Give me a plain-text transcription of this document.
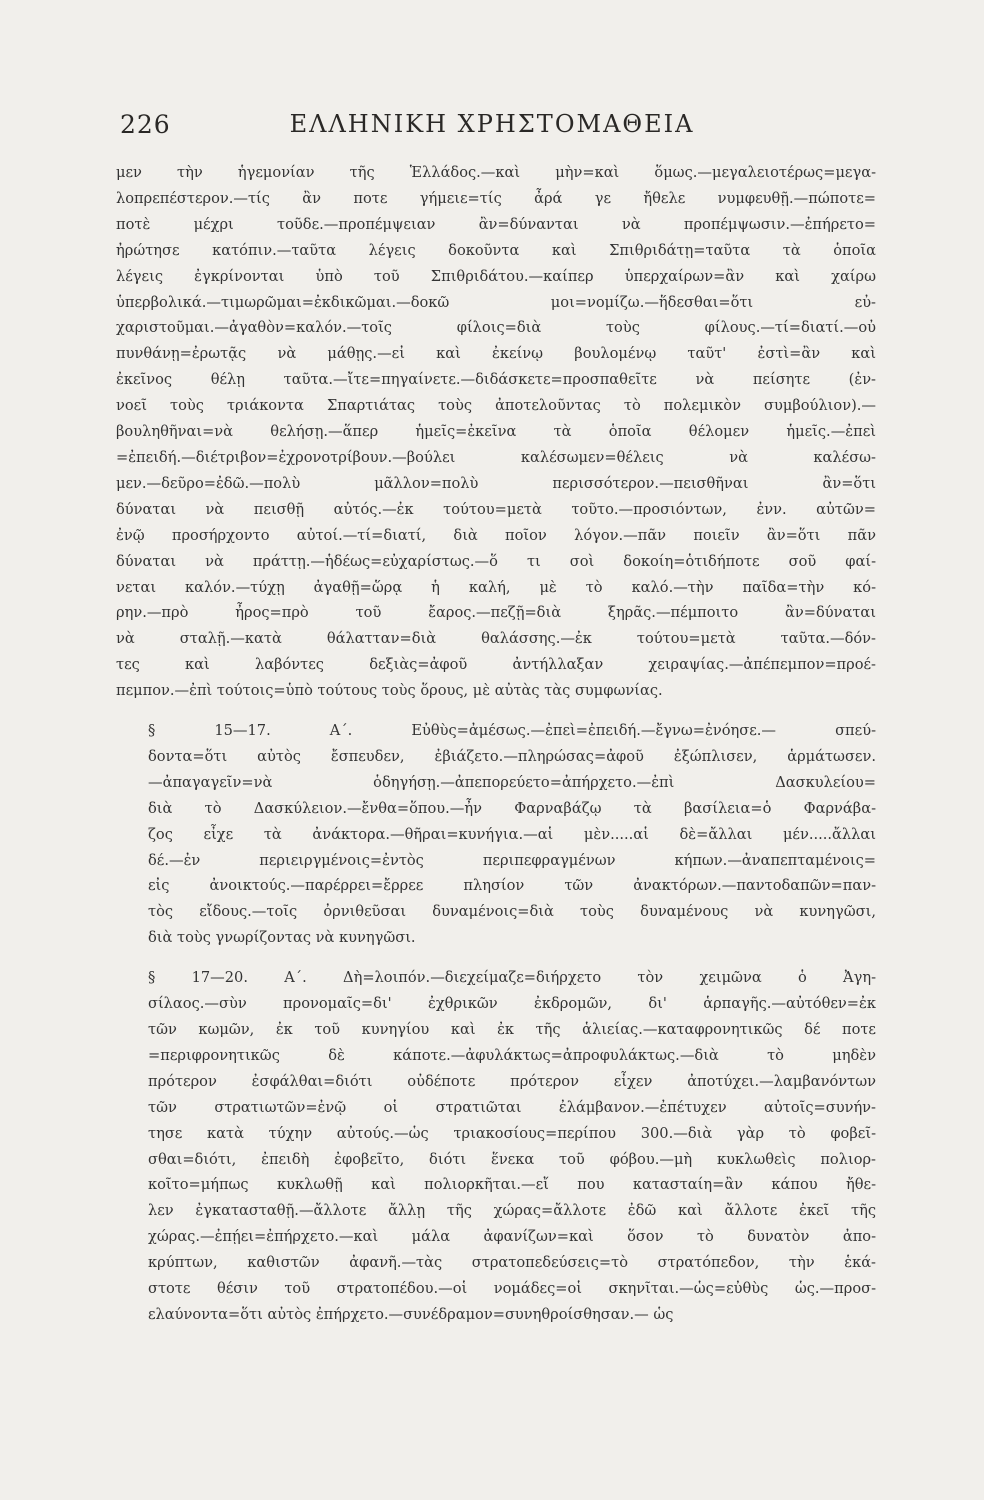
226	ΕΛΛΗΝΙΚΗ ΧΡΗΣΤΟΜΑΘΕΙΑ
μεν τὴν ἡγεμονίαν τῆς Ἑλλάδος.—καὶ μὴν=καὶ ὅμως.—μεγαλειοτέρως=μεγα-
λοπρεπέστερον.—τίς ἂν ποτε γήμειε=τίς ἆρά γε ἤθελε νυμφευθῇ.—πώποτε=
ποτὲ μέχρι τοῦδε.—προπέμψειαν ἂν=δύνανται νὰ προπέμψωσιν.—ἐπήρετο=
ἠρώτησε κατόπιν.—ταῦτα λέγεις δοκοῦντα καὶ Σπιθριδάτῃ=ταῦτα τὰ ὁποῖα
λέγεις ἐγκρίνονται ὑπὸ τοῦ Σπιθριδάτου.—καίπερ ὑπερχαίρων=ἂν καὶ χαίρω
ὑπερβολικά.—τιμωρῶμαι=ἐκδικῶμαι.—δοκῶ μοι=νομίζω.—ἥδεσθαι=ὅτι εὐ-
χαριστοῦμαι.—ἀγαθὸν=καλόν.—τοῖς φίλοις=διὰ τοὺς φίλους.—τί=διατί.—οὐ
πυνθάνῃ=ἐρωτᾷς νὰ μάθῃς.—εἰ καὶ ἐκείνῳ βουλομένῳ ταῦτ' ἐστὶ=ἂν καὶ
ἐκεῖνος θέλῃ ταῦτα.—ἴτε=πηγαίνετε.—διδάσκετε=προσπαθεῖτε νὰ πείσητε (ἐν-
νοεῖ τοὺς τριάκοντα Σπαρτιάτας τοὺς ἀποτελοῦντας τὸ πολεμικὸν συμβούλιον).—
βουληθῆναι=νὰ θελήσῃ.—ἅπερ ἡμεῖς=ἐκεῖνα τὰ ὁποῖα θέλομεν ἡμεῖς.—ἐπεὶ
=ἐπειδή.—διέτριβον=ἐχρονοτρίβουν.—βούλει καλέσωμεν=θέλεις νὰ καλέσω-
μεν.—δεῦρο=ἐδῶ.—πολὺ μᾶλλον=πολὺ περισσότερον.—πεισθῆναι ἂν=ὅτι
δύναται νὰ πεισθῇ αὐτός.—ἐκ τούτου=μετὰ τοῦτο.—προσιόντων, ἐνν. αὐτῶν=
ἐνῷ προσήρχοντο αὐτοί.—τί=διατί, διὰ ποῖον λόγον.—πᾶν ποιεῖν ἂν=ὅτι πᾶν
δύναται νὰ πράττῃ.—ἡδέως=εὐχαρίστως.—ὅ τι σοὶ δοκοίη=ὁτιδήποτε σοῦ φαί-
νεται καλόν.—τύχῃ ἀγαθῇ=ὥρᾳ ἡ καλή, μὲ τὸ καλό.—τὴν παῖδα=τὴν κό-
ρην.—πρὸ ἦρος=πρὸ τοῦ ἔαρος.—πεζῇ=διὰ ξηρᾶς.—πέμποιτο ἂν=δύναται
νὰ σταλῇ.—κατὰ θάλατταν=διὰ θαλάσσης.—ἐκ τούτου=μετὰ ταῦτα.—δόν-
τες καὶ λαβόντες δεξιὰς=ἀφοῦ ἀντήλλαξαν χειραψίας.—ἀπέπεμπον=προέ-
πεμπον.—ἐπὶ τούτοις=ὑπὸ τούτους τοὺς ὅρους, μὲ αὐτὰς τὰς συμφωνίας.
§ 15—17. Α΄. Εὐθὺς=ἀμέσως.—ἐπεὶ=ἐπειδή.—ἔγνω=ἐνόησε.— σπεύ-
δοντα=ὅτι αὐτὸς ἔσπευδεν, ἐβιάζετο.—πληρώσας=ἀφοῦ ἐξώπλισεν, ἁρμάτωσεν.
—ἀπαγαγεῖν=νὰ ὁδηγήσῃ.—ἀπεπορεύετο=ἀπήρχετο.—ἐπὶ Δασκυλείου=
διὰ τὸ Δασκύλειον.—ἔνθα=ὅπου.—ἦν Φαρναβάζῳ τὰ βασίλεια=ὁ Φαρνάβα-
ζος εἶχε τὰ ἀνάκτορα.—θῆραι=κυνήγια.—αἱ μὲν.....αἱ δὲ=ἄλλαι μέν.....ἄλλαι
δέ.—ἐν περιειργμένοις=ἐντὸς περιπεφραγμένων κήπων.—ἀναπεπταμένοις=
εἰς ἀνοικτούς.—παρέρρει=ἔρρεε πλησίον τῶν ἀνακτόρων.—παντοδαπῶν=παν-
τὸς εἴδους.—τοῖς ὀρνιθεῦσαι δυναμένοις=διὰ τοὺς δυναμένους νὰ κυνηγῶσι,
διὰ τοὺς γνωρίζοντας νὰ κυνηγῶσι.
§ 17—20. Α΄. Δὴ=λοιπόν.—διεχείμαζε=διήρχετο τὸν χειμῶνα ὁ Ἀγη-
σίλαος.—σὺν προνομαῖς=δι' ἐχθρικῶν ἐκδρομῶν, δι' ἁρπαγῆς.—αὐτόθεν=ἐκ
τῶν κωμῶν, ἐκ τοῦ κυνηγίου καὶ ἐκ τῆς ἁλιείας.—καταφρονητικῶς δέ ποτε
=περιφρονητικῶς δὲ κάποτε.—ἀφυλάκτως=ἀπροφυλάκτως.—διὰ τὸ μηδὲν
πρότερον ἐσφάλθαι=διότι οὐδέποτε πρότερον εἶχεν ἀποτύχει.—λαμβανόντων
τῶν στρατιωτῶν=ἐνῷ οἱ στρατιῶται ἐλάμβανον.—ἐπέτυχεν αὐτοῖς=συνήν-
τησε κατὰ τύχην αὐτούς.—ὡς τριακοσίους=περίπου 300.—διὰ γὰρ τὸ φοβεῖ-
σθαι=διότι, ἐπειδὴ ἐφοβεῖτο, διότι ἕνεκα τοῦ φόβου.—μὴ κυκλωθεὶς πολιορ-
κοῖτο=μήπως κυκλωθῇ καὶ πολιορκῆται.—εἴ που κατασταίη=ἂν κάπου ἤθε-
λεν ἐγκατασταθῇ.—ἄλλοτε ἄλλῃ τῆς χώρας=ἄλλοτε ἐδῶ καὶ ἄλλοτε ἐκεῖ τῆς
χώρας.—ἐπῄει=ἐπήρχετο.—καὶ μάλα ἀφανίζων=καὶ ὅσον τὸ δυνατὸν ἀπο-
κρύπτων, καθιστῶν ἀφανῆ.—τὰς στρατοπεδεύσεις=τὸ στρατόπεδον, τὴν ἑκά-
στοτε θέσιν τοῦ στρατοπέδου.—οἱ νομάδες=οἱ σκηνῖται.—ὡς=εὐθὺς ὡς.—προσ-
ελαύνοντα=ὅτι αὐτὸς ἐπήρχετο.—συνέδραμον=συνηθροίσθησαν.— ὡς
